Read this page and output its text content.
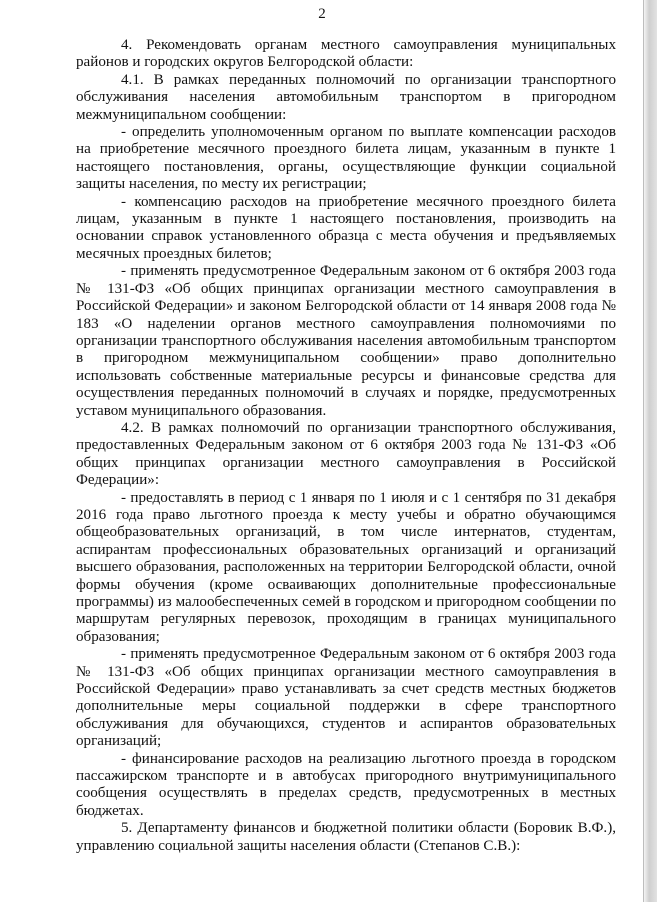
2

4. Рекомендовать органам местного самоуправления муниципальных районов и городских округов Белгородской области:

4.1. В рамках переданных полномочий по организации транспортного обслуживания населения автомобильным транспортом в пригородном межмуниципальном сообщении:

- определить уполномоченным органом по выплате компенсации расходов на приобретение месячного проездного билета лицам, указанным в пункте 1 настоящего постановления, органы, осуществляющие функции социальной защиты населения, по месту их регистрации;

- компенсацию расходов на приобретение месячного проездного билета лицам, указанным в пункте 1 настоящего постановления, производить на основании справок установленного образца с места обучения и предъявляемых месячных проездных билетов;

- применять предусмотренное Федеральным законом от 6 октября 2003 года № 131-ФЗ «Об общих принципах организации местного самоуправления в Российской Федерации» и законом Белгородской области от 14 января 2008 года № 183 «О наделении органов местного самоуправления полномочиями по организации транспортного обслуживания населения автомобильным транспортом в пригородном межмуниципальном сообщении» право дополнительно использовать собственные материальные ресурсы и финансовые средства для осуществления переданных полномочий в случаях и порядке, предусмотренных уставом муниципального образования.

4.2. В рамках полномочий по организации транспортного обслуживания, предоставленных Федеральным законом от 6 октября 2003 года № 131-ФЗ «Об общих принципах организации местного самоуправления в Российской Федерации»:

- предоставлять в период с 1 января по 1 июля и с 1 сентября по 31 декабря 2016 года право льготного проезда к месту учебы и обратно обучающимся общеобразовательных организаций, в том числе интернатов, студентам, аспирантам профессиональных образовательных организаций и организаций высшего образования, расположенных на территории Белгородской области, очной формы обучения (кроме осваивающих дополнительные профессиональные программы) из малообеспеченных семей в городском и пригородном сообщении по маршрутам регулярных перевозок, проходящим в границах муниципального образования;

- применять предусмотренное Федеральным законом от 6 октября 2003 года № 131-ФЗ «Об общих принципах организации местного самоуправления в Российской Федерации» право устанавливать за счет средств местных бюджетов дополнительные меры социальной поддержки в сфере транспортного обслуживания для обучающихся, студентов и аспирантов образовательных организаций;

- финансирование расходов на реализацию льготного проезда в городском пассажирском транспорте и в автобусах пригородного внутримуниципального сообщения осуществлять в пределах средств, предусмотренных в местных бюджетах.

5. Департаменту финансов и бюджетной политики области (Боровик В.Ф.), управлению социальной защиты населения области (Степанов С.В.):
